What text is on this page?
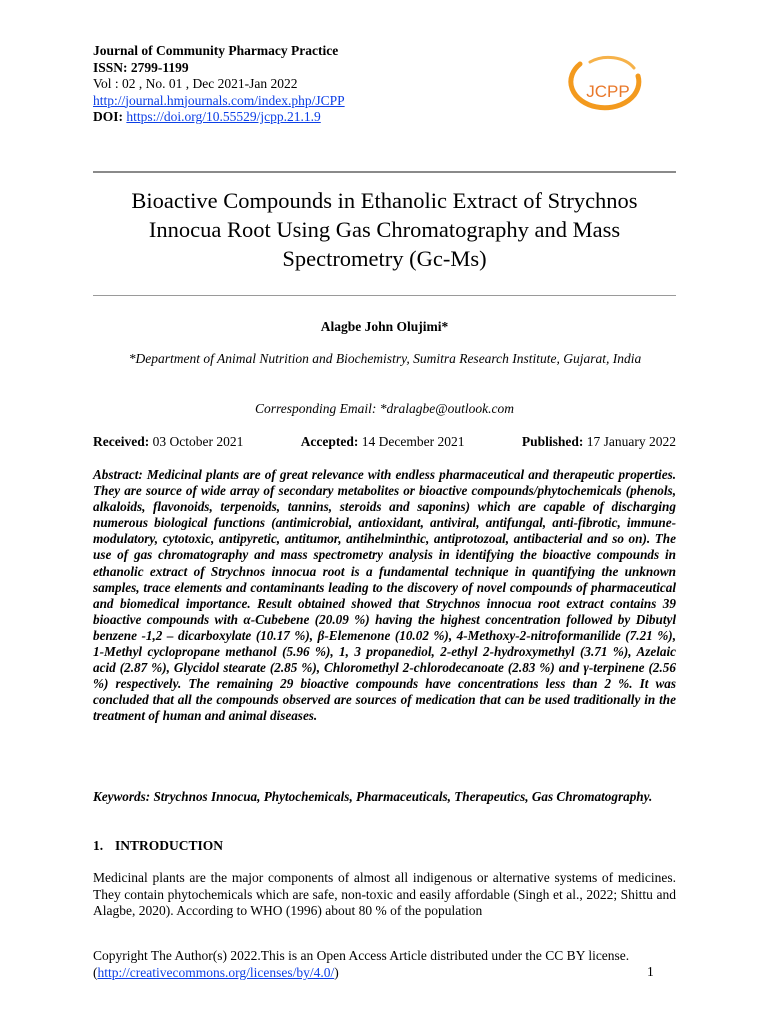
Journal of Community Pharmacy Practice
ISSN: 2799-1199
Vol : 02 , No. 01 , Dec 2021-Jan 2022
http://journal.hmjournals.com/index.php/JCPP
DOI: https://doi.org/10.55529/jcpp.21.1.9
JCPP
Bioactive Compounds in Ethanolic Extract of Strychnos Innocua Root Using Gas Chromatography and Mass Spectrometry (Gc-Ms)
Alagbe John Olujimi*
*Department of Animal Nutrition and Biochemistry, Sumitra Research Institute, Gujarat, India
Corresponding Email: *dralagbe@outlook.com
Received: 03 October 2021	Accepted: 14 December 2021	Published: 17 January 2022
Abstract: Medicinal plants are of great relevance with endless pharmaceutical and therapeutic properties. They are source of wide array of secondary metabolites or bioactive compounds/phytochemicals (phenols, alkaloids, flavonoids, terpenoids, tannins, steroids and saponins) which are capable of discharging numerous biological functions (antimicrobial, antioxidant, antiviral, antifungal, anti-fibrotic, immune-modulatory, cytotoxic, antipyretic, antitumor, antihelminthic, antiprotozoal, antibacterial and so on). The use of gas chromatography and mass spectrometry analysis in identifying the bioactive compounds in ethanolic extract of Strychnos innocua root is a fundamental technique in quantifying the unknown samples, trace elements and contaminants leading to the discovery of novel compounds of pharmaceutical and biomedical importance. Result obtained showed that Strychnos innocua root extract contains 39 bioactive compounds with α-Cubebene (20.09 %) having the highest concentration followed by Dibutyl benzene -1,2 – dicarboxylate (10.17 %), β-Elemenone (10.02 %), 4-Methoxy-2-nitroformanilide (7.21 %), 1-Methyl cyclopropane methanol (5.96 %), 1, 3 propanediol, 2-ethyl 2-hydroxymethyl (3.71 %), Azelaic acid (2.87 %), Glycidol stearate (2.85 %), Chloromethyl 2-chlorodecanoate (2.83 %) and γ-terpinene (2.56 %) respectively. The remaining 29 bioactive compounds have concentrations less than 2 %. It was concluded that all the compounds observed are sources of medication that can be used traditionally in the treatment of human and animal diseases.
Keywords: Strychnos Innocua, Phytochemicals, Pharmaceuticals, Therapeutics, Gas Chromatography.
1. INTRODUCTION
Medicinal plants are the major components of almost all indigenous or alternative systems of medicines. They contain phytochemicals which are safe, non-toxic and easily affordable (Singh et al., 2022; Shittu and Alagbe, 2020). According to WHO (1996) about 80 % of the population
Copyright The Author(s) 2022.This is an Open Access Article distributed under the CC BY license. (http://creativecommons.org/licenses/by/4.0/)	1
